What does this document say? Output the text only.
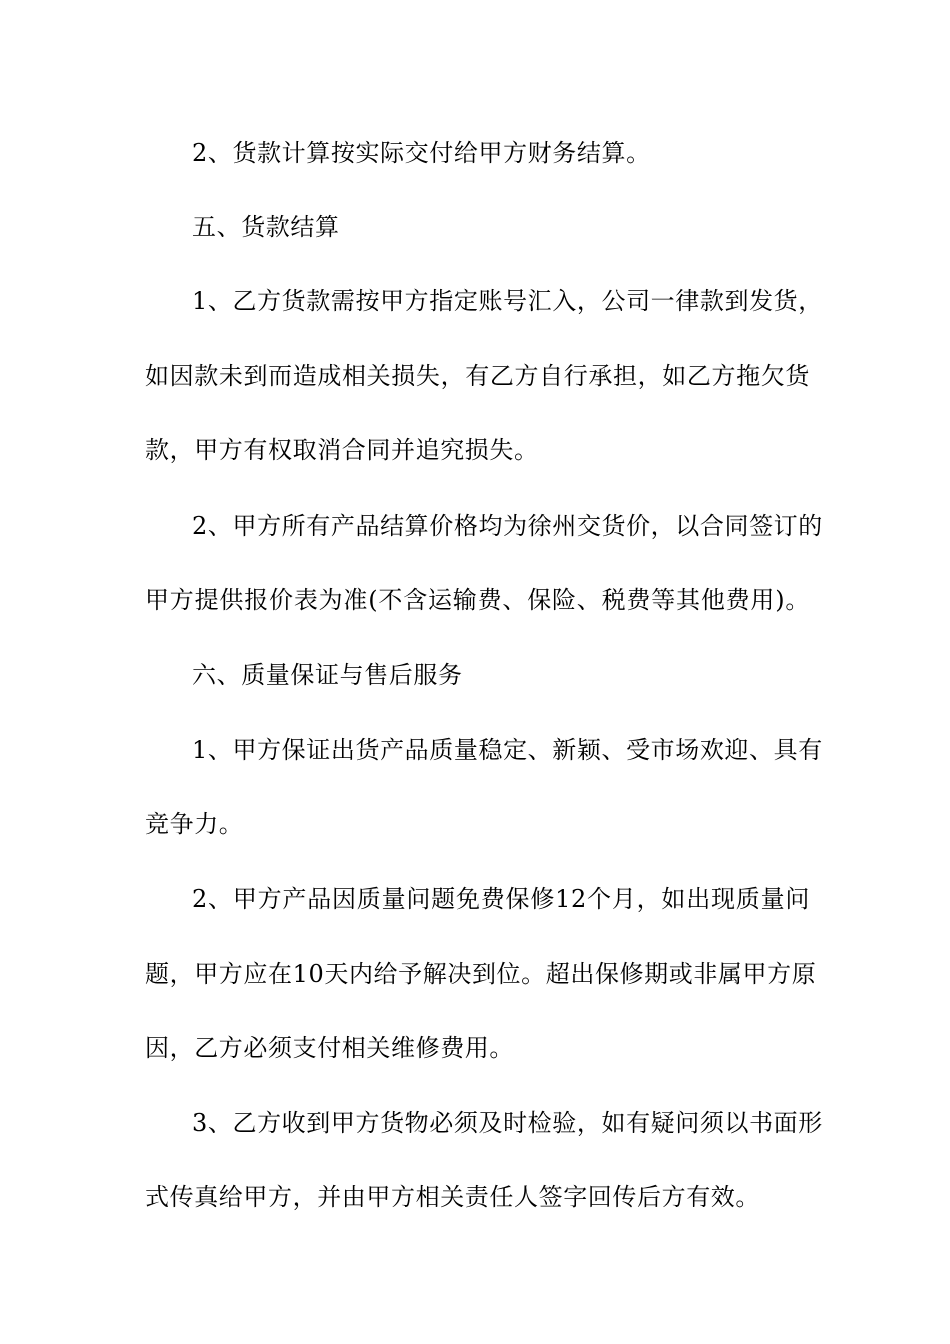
2、货款计算按实际交付给甲方财务结算。
五、货款结算
1、乙方货款需按甲方指定账号汇入，公司一律款到发货，
如因款未到而造成相关损失，有乙方自行承担，如乙方拖欠货
款，甲方有权取消合同并追究损失。
2、甲方所有产品结算价格均为徐州交货价，以合同签订的
甲方提供报价表为准(不含运输费、保险、税费等其他费用)。
六、质量保证与售后服务
1、甲方保证出货产品质量稳定、新颖、受市场欢迎、具有
竞争力。
2、甲方产品因质量问题免费保修12个月，如出现质量问
题，甲方应在10天内给予解决到位。超出保修期或非属甲方原
因，乙方必须支付相关维修费用。
3、乙方收到甲方货物必须及时检验，如有疑问须以书面形
式传真给甲方，并由甲方相关责任人签字回传后方有效。
